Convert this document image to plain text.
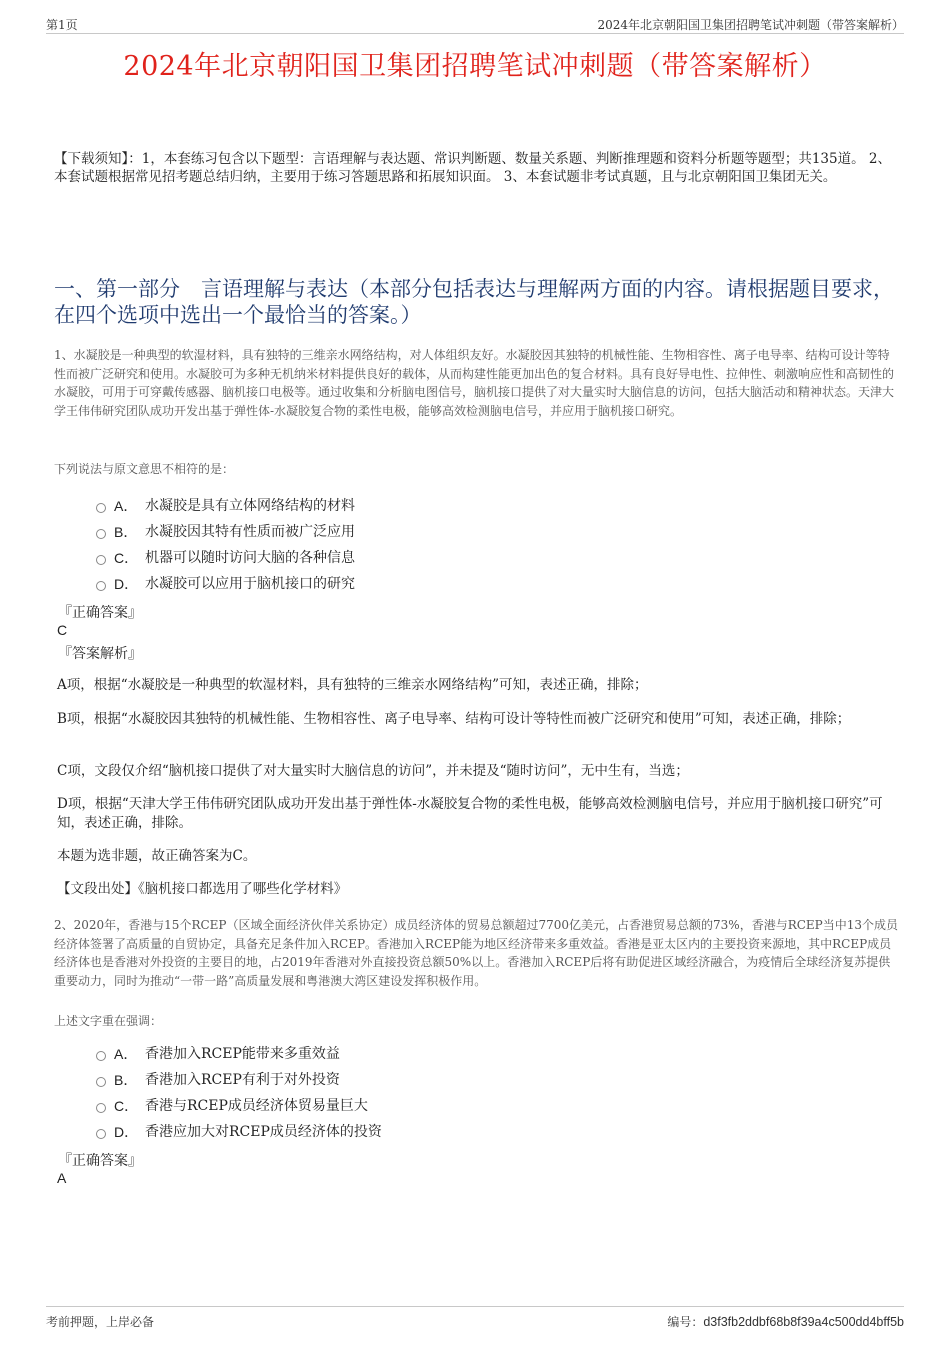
第1页	2024年北京朝阳国卫集团招聘笔试冲刺题（带答案解析）
2024年北京朝阳国卫集团招聘笔试冲刺题（带答案解析）
【下载须知】：1，本套练习包含以下题型：言语理解与表达题、常识判断题、数量关系题、判断推理题和资料分析题等题型；共135道。 2、本套试题根据常见招考题总结归纳，主要用于练习答题思路和拓展知识面。 3、本套试题非考试真题，且与北京朝阳国卫集团无关。
一、第一部分　言语理解与表达（本部分包括表达与理解两方面的内容。请根据题目要求，在四个选项中选出一个最恰当的答案。）
1、水凝胶是一种典型的软湿材料，具有独特的三维亲水网络结构，对人体组织友好。水凝胶因其独特的机械性能、生物相容性、离子电导率、结构可设计等特性而被广泛研究和使用。水凝胶可为多种无机纳米材料提供良好的载体，从而构建性能更加出色的复合材料。具有良好导电性、拉伸性、刺激响应性和高韧性的水凝胶，可用于可穿戴传感器、脑机接口电极等。通过收集和分析脑电图信号，脑机接口提供了对大量实时大脑信息的访问，包括大脑活动和精神状态。天津大学王伟伟研究团队成功开发出基于弹性体-水凝胶复合物的柔性电极，能够高效检测脑电信号，并应用于脑机接口研究。
下列说法与原文意思不相符的是：
A． 水凝胶是具有立体网络结构的材料
B． 水凝胶因其特有性质而被广泛应用
C． 机器可以随时访问大脑的各种信息
D． 水凝胶可以应用于脑机接口的研究
『正确答案』
C
『答案解析』
A项，根据“水凝胶是一种典型的软湿材料，具有独特的三维亲水网络结构”可知，表述正确，排除；
B项，根据“水凝胶因其独特的机械性能、生物相容性、离子电导率、结构可设计等特性而被广泛研究和使用”可知，表述正确，排除；
C项，文段仅介绍“脑机接口提供了对大量实时大脑信息的访问”，并未提及“随时访问”，无中生有，当选；
D项，根据“天津大学王伟伟研究团队成功开发出基于弹性体-水凝胶复合物的柔性电极，能够高效检测脑电信号，并应用于脑机接口研究”可知，表述正确，排除。
本题为选非题，故正确答案为C。
【文段出处】《脑机接口都选用了哪些化学材料》
2、2020年，香港与15个RCEP（区域全面经济伙伴关系协定）成员经济体的贸易总额超过7700亿美元，占香港贸易总额的73%，香港与RCEP当中13个成员经济体签署了高质量的自贸协定，具备充足条件加入RCEP。香港加入RCEP能为地区经济带来多重效益。香港是亚太区内的主要投资来源地，其中RCEP成员经济体也是香港对外投资的主要目的地，占2019年香港对外直接投资总额50%以上。香港加入RCEP后将有助促进区域经济融合，为疫情后全球经济复苏提供重要动力，同时为推动“一带一路”高质量发展和粤港澳大湾区建设发挥积极作用。
上述文字重在强调：
A． 香港加入RCEP能带来多重效益
B． 香港加入RCEP有利于对外投资
C． 香港与RCEP成员经济体贸易量巨大
D． 香港应加大对RCEP成员经济体的投资
『正确答案』
A
考前押题，上岸必备	编号：d3f3fb2ddbf68b8f39a4c500dd4bff5b
